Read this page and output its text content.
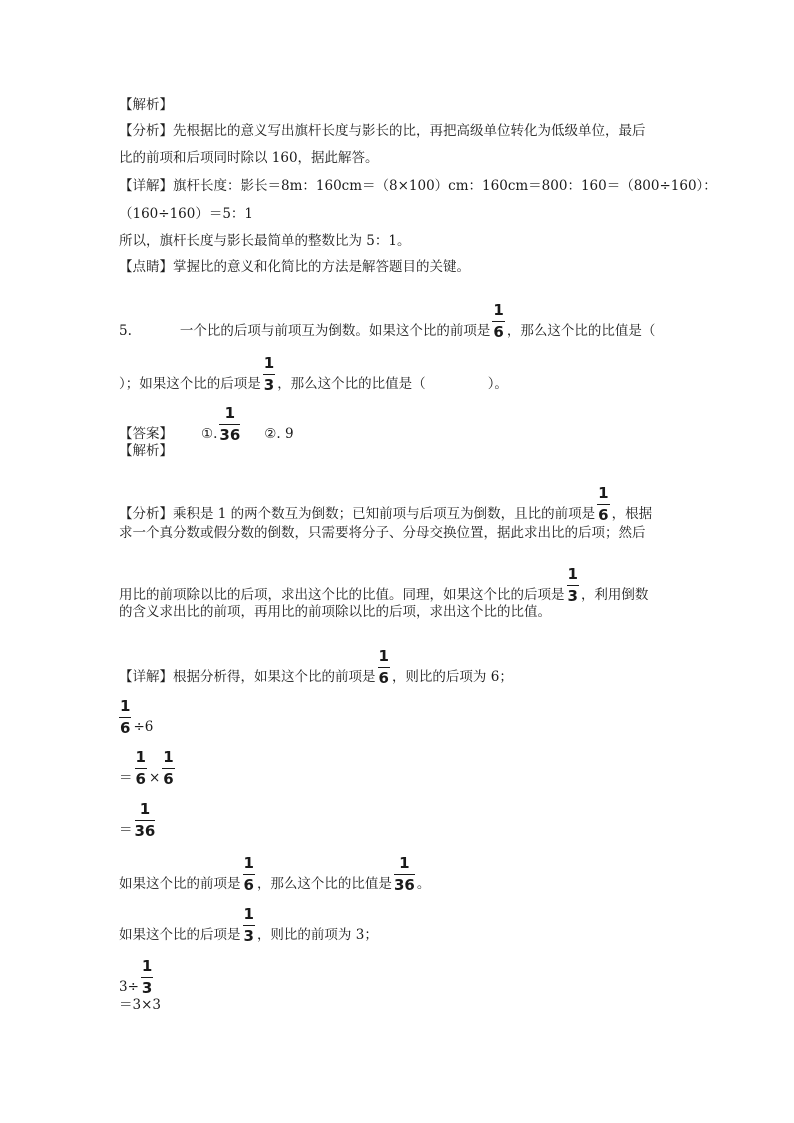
【解析】
【分析】先根据比的意义写出旗杆长度与影长的比，再把高级单位转化为低级单位，最后
比的前项和后项同时除以 160，据此解答。
【详解】旗杆长度：影长＝8m：160cm＝（8×100）cm：160cm＝800：160＝（800÷160）：
（160÷160）＝5：1
所以，旗杆长度与影长最简单的整数比为 5：1。
【点睛】掌握比的意义和化简比的方法是解答题目的关键。
5.	一个比的后项与前项互为倒数。如果这个比的前项是 $\frac{1}{6}$ ，那么这个比的比值是（
）；如果这个比的后项是 $\frac{1}{3}$ ，那么这个比的比值是（	）。
【答案】 ①. $\frac{1}{36}$ ②. 9
【解析】
【分析】乘积是 1 的两个数互为倒数；已知前项与后项互为倒数，且比的前项是 $\frac{1}{6}$ ，根据
求一个真分数或假分数的倒数，只需要将分子、分母交换位置，据此求出比的后项；然后
用比的前项除以比的后项，求出这个比的比值。同理，如果这个比的后项是 $\frac{1}{3}$ ，利用倒数
的含义求出比的前项，再用比的前项除以比的后项，求出这个比的比值。
【详解】根据分析得，如果这个比的前项是 $\frac{1}{6}$ ，则比的后项为 6；
$\frac{1}{6} \div 6$
＝ $\frac{1}{6} \times \frac{1}{6}$
＝ $\frac{1}{36}$
如果这个比的前项是 $\frac{1}{6}$ ，那么这个比的比值是 $\frac{1}{36}$ 。
如果这个比的后项是 $\frac{1}{3}$ ，则比的前项为 3；
$3\div \frac{1}{3}$
＝3×3
